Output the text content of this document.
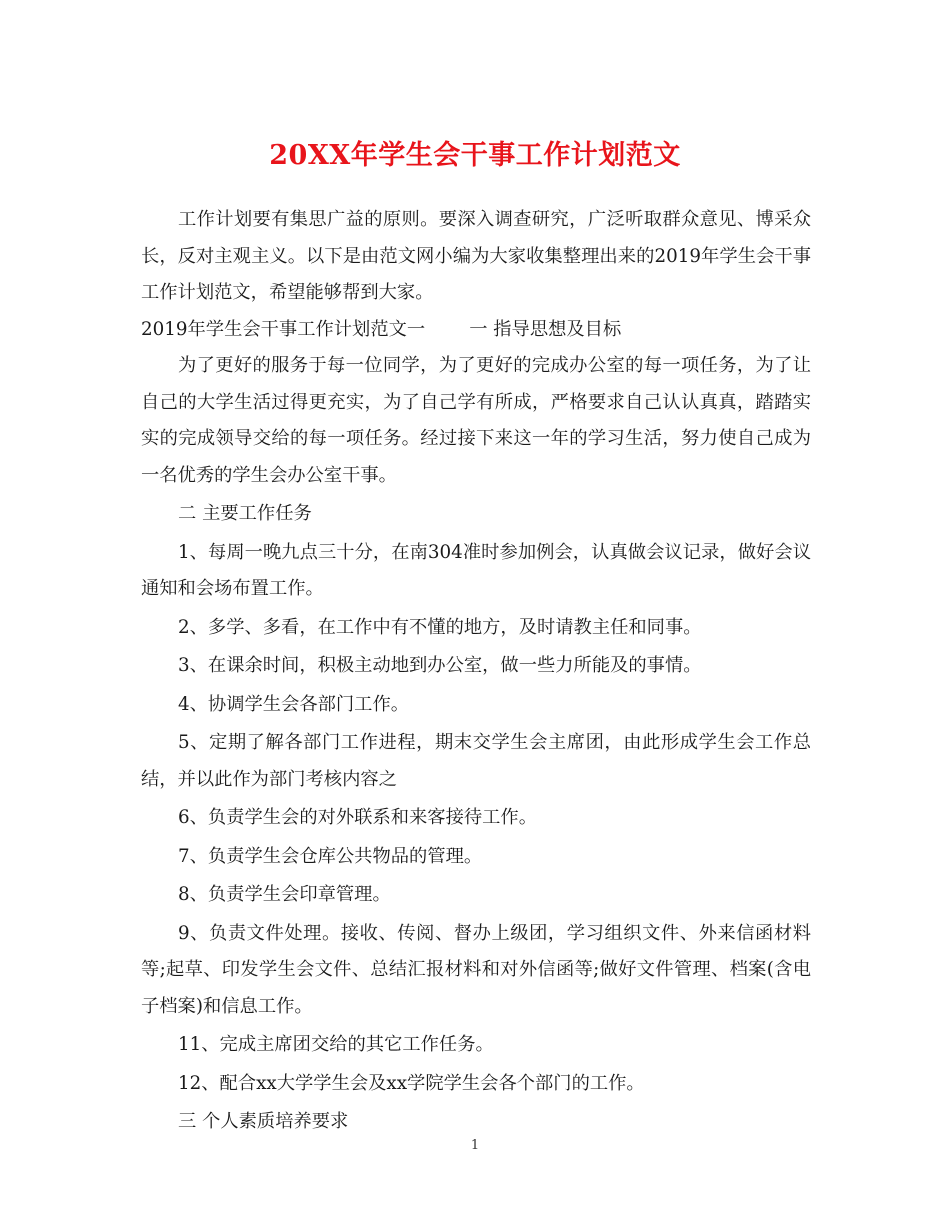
20XX年学生会干事工作计划范文

工作计划要有集思广益的原则。要深入调查研究，广泛听取群众意见、博采众长，反对主观主义。以下是由范文网小编为大家收集整理出来的2019年学生会干事工作计划范文，希望能够帮到大家。

2019年学生会干事工作计划范文一 一 指导思想及目标

为了更好的服务于每一位同学，为了更好的完成办公室的每一项任务，为了让自己的大学生活过得更充实，为了自己学有所成，严格要求自己认认真真，踏踏实实的完成领导交给的每一项任务。经过接下来这一年的学习生活，努力使自己成为一名优秀的学生会办公室干事。

二 主要工作任务

1、每周一晚九点三十分，在南304准时参加例会，认真做会议记录，做好会议通知和会场布置工作。

2、多学、多看，在工作中有不懂的地方，及时请教主任和同事。

3、在课余时间，积极主动地到办公室，做一些力所能及的事情。

4、协调学生会各部门工作。

5、定期了解各部门工作进程，期末交学生会主席团，由此形成学生会工作总结，并以此作为部门考核内容之

6、负责学生会的对外联系和来客接待工作。

7、负责学生会仓库公共物品的管理。

8、负责学生会印章管理。

9、负责文件处理。接收、传阅、督办上级团，学习组织文件、外来信函材料等;起草、印发学生会文件、总结汇报材料和对外信函等;做好文件管理、档案(含电子档案)和信息工作。

11、完成主席团交给的其它工作任务。

12、配合xx大学学生会及xx学院学生会各个部门的工作。

三 个人素质培养要求

1
